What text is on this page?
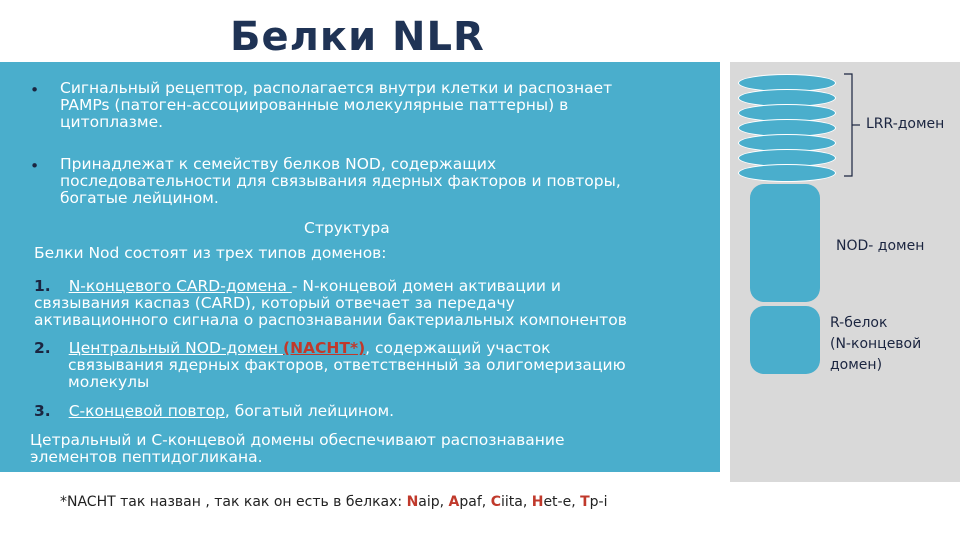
Белки NLR
• Сигнальный рецептор, располагается внутри клетки и распознает
PAMPs (патоген-ассоциированные молекулярные паттерны) в
цитоплазме.
• Принадлежат к семейству белков NOD, содержащих
последовательности для связывания ядерных факторов и повторы,
богатые лейцином.
Структура
Белки Nod состоят из трех типов доменов:
1. N-концевого CARD-домена - N-концевой домен активации и
связывания каспаз (CARD), который отвечает за передачу
активационного сигнала о распознавании бактериальных компонентов
2. Центральный NOD-домен (NACHT*), содержащий участок
связывания ядерных факторов, ответственный за олигомеризацию
молекулы
3. C-концевой повтор, богатый лейцином.
Цетральный и С-концевой домены обеспечивают распознавание
элементов пептидогликана.
*NACHT так назван , так как он есть в белках: Naip, Apaf, Ciita, Het-e, Tp-i
LRR-домен
NOD- домен
R-белок
(N-концевой
домен)
